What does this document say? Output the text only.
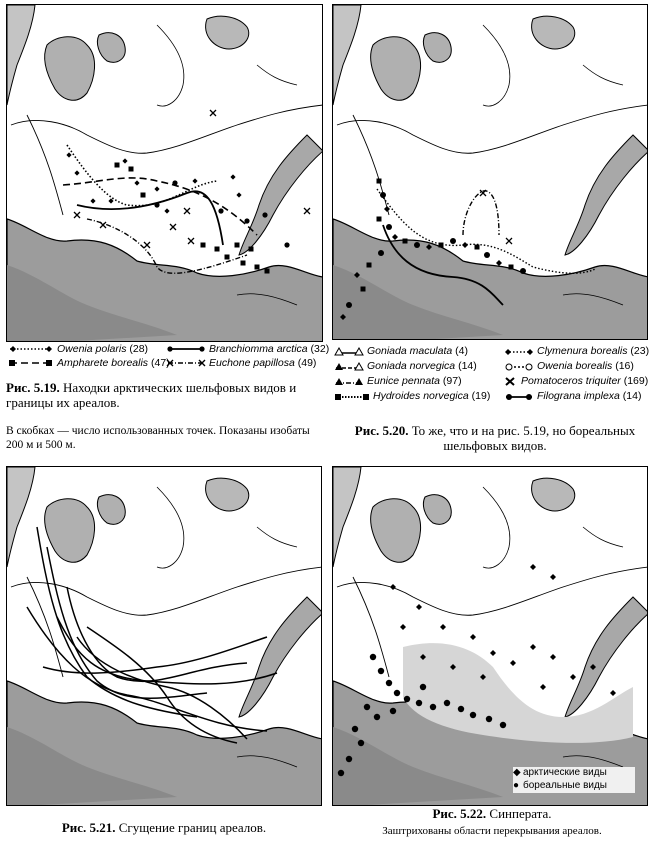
Owenia polaris (28)	Branchiomma arctica (32)
Ampharete borealis (47)	Euchone papillosa (49)
Рис. 5.19. Находки арктических шельфовых видов и границы их ареалов.
В скобках — число использованных точек. Показаны изобаты 200 м и 500 м.
Goniada maculata (4)	Clymenura borealis (23)
Goniada norvegica (14)	Owenia borealis (16)
Eunice pennata (97)	Pomatoceros triquiter (169)
Hydroides norvegica (19)	Filograna implexa (14)
Рис. 5.20. То же, что и на рис. 5.19, но бореальных шельфовых видов.
Рис. 5.21. Сгущение границ ареалов.
◆ арктические виды
● бореальные виды
Рис. 5.22. Синперата.
Заштрихованы области перекрывания ареалов.
